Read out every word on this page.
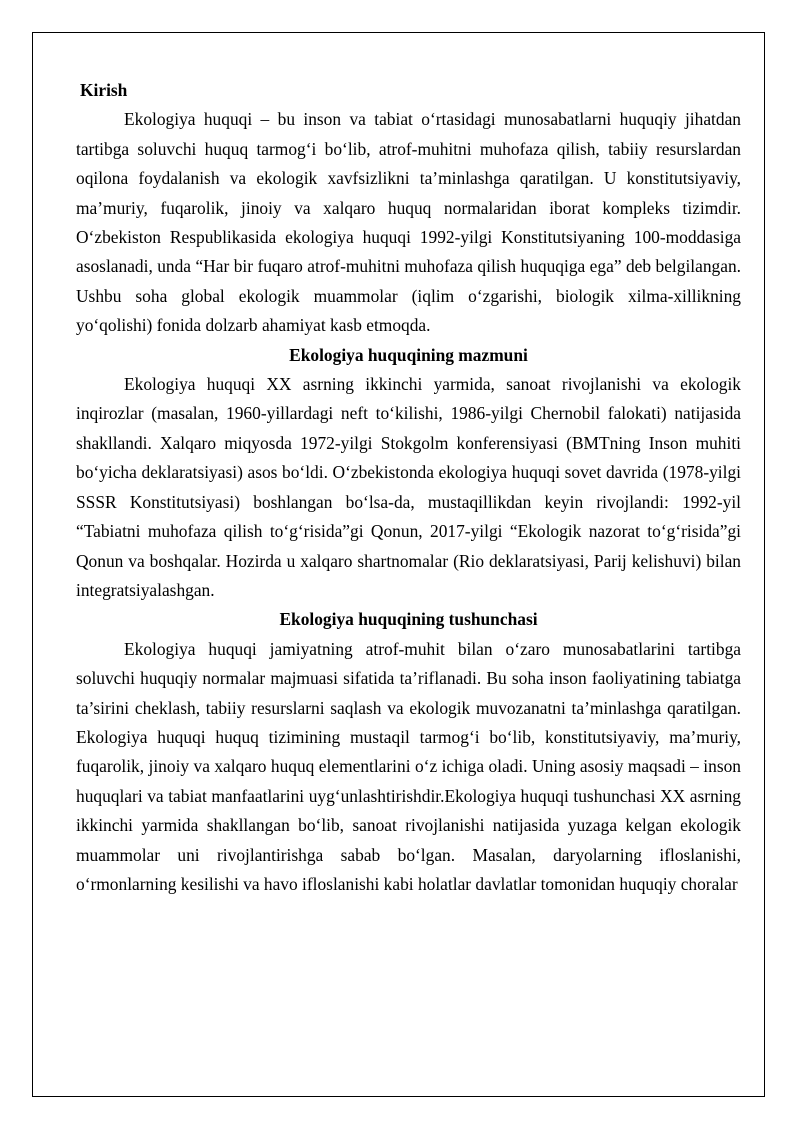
Kirish

Ekologiya huquqi – bu inson va tabiat o‘rtasidagi munosabatlarni huquqiy jihatdan tartibga soluvchi huquq tarmog‘i bo‘lib, atrof-muhitni muhofaza qilish, tabiiy resurslardan oqilona foydalanish va ekologik xavfsizlikni ta’minlashga qaratilgan. U konstitutsiyaviy, ma’muriy, fuqarolik, jinoiy va xalqaro huquq normalaridan iborat kompleks tizimdir. O‘zbekiston Respublikasida ekologiya huquqi 1992-yilgi Konstitutsiyaning 100-moddasiga asoslanadi, unda “Har bir fuqaro atrof-muhitni muhofaza qilish huquqiga ega” deb belgilangan. Ushbu soha global ekologik muammolar (iqlim o‘zgarishi, biologik xilma-xillikning yo‘qolishi) fonida dolzarb ahamiyat kasb etmoqda.

Ekologiya huquqining mazmuni

Ekologiya huquqi XX asrning ikkinchi yarmida, sanoat rivojlanishi va ekologik inqirozlar (masalan, 1960-yillardagi neft to‘kilishi, 1986-yilgi Chernobil falokati) natijasida shakllandi. Xalqaro miqyosda 1972-yilgi Stokgolm konferensiyasi (BMTning Inson muhiti bo‘yicha deklaratsiyasi) asos bo‘ldi. O‘zbekistonda ekologiya huquqi sovet davrida (1978-yilgi SSSR Konstitutsiyasi) boshlangan bo‘lsa-da, mustaqillikdan keyin rivojlandi: 1992-yil “Tabiatni muhofaza qilish to‘g‘risida”gi Qonun, 2017-yilgi “Ekologik nazorat to‘g‘risida”gi Qonun va boshqalar. Hozirda u xalqaro shartnomalar (Rio deklaratsiyasi, Parij kelishuvi) bilan integratsiyalashgan.

Ekologiya huquqining tushunchasi

Ekologiya huquqi jamiyatning atrof-muhit bilan o‘zaro munosabatlarini tartibga soluvchi huquqiy normalar majmuasi sifatida ta’riflanadi. Bu soha inson faoliyatining tabiatga ta’sirini cheklash, tabiiy resurslarni saqlash va ekologik muvozanatni ta’minlashga qaratilgan. Ekologiya huquqi huquq tizimining mustaqil tarmog‘i bo‘lib, konstitutsiyaviy, ma’muriy, fuqarolik, jinoiy va xalqaro huquq elementlarini o‘z ichiga oladi. Uning asosiy maqsadi – inson huquqlari va tabiat manfaatlarini uyg‘unlashtirishdir.Ekologiya huquqi tushunchasi XX asrning ikkinchi yarmida shakllangan bo‘lib, sanoat rivojlanishi natijasida yuzaga kelgan ekologik muammolar uni rivojlantirishga sabab bo‘lgan. Masalan, daryolarning ifloslanishi, o‘rmonlarning kesilishi va havo ifloslanishi kabi holatlar davlatlar tomonidan huquqiy choralar
